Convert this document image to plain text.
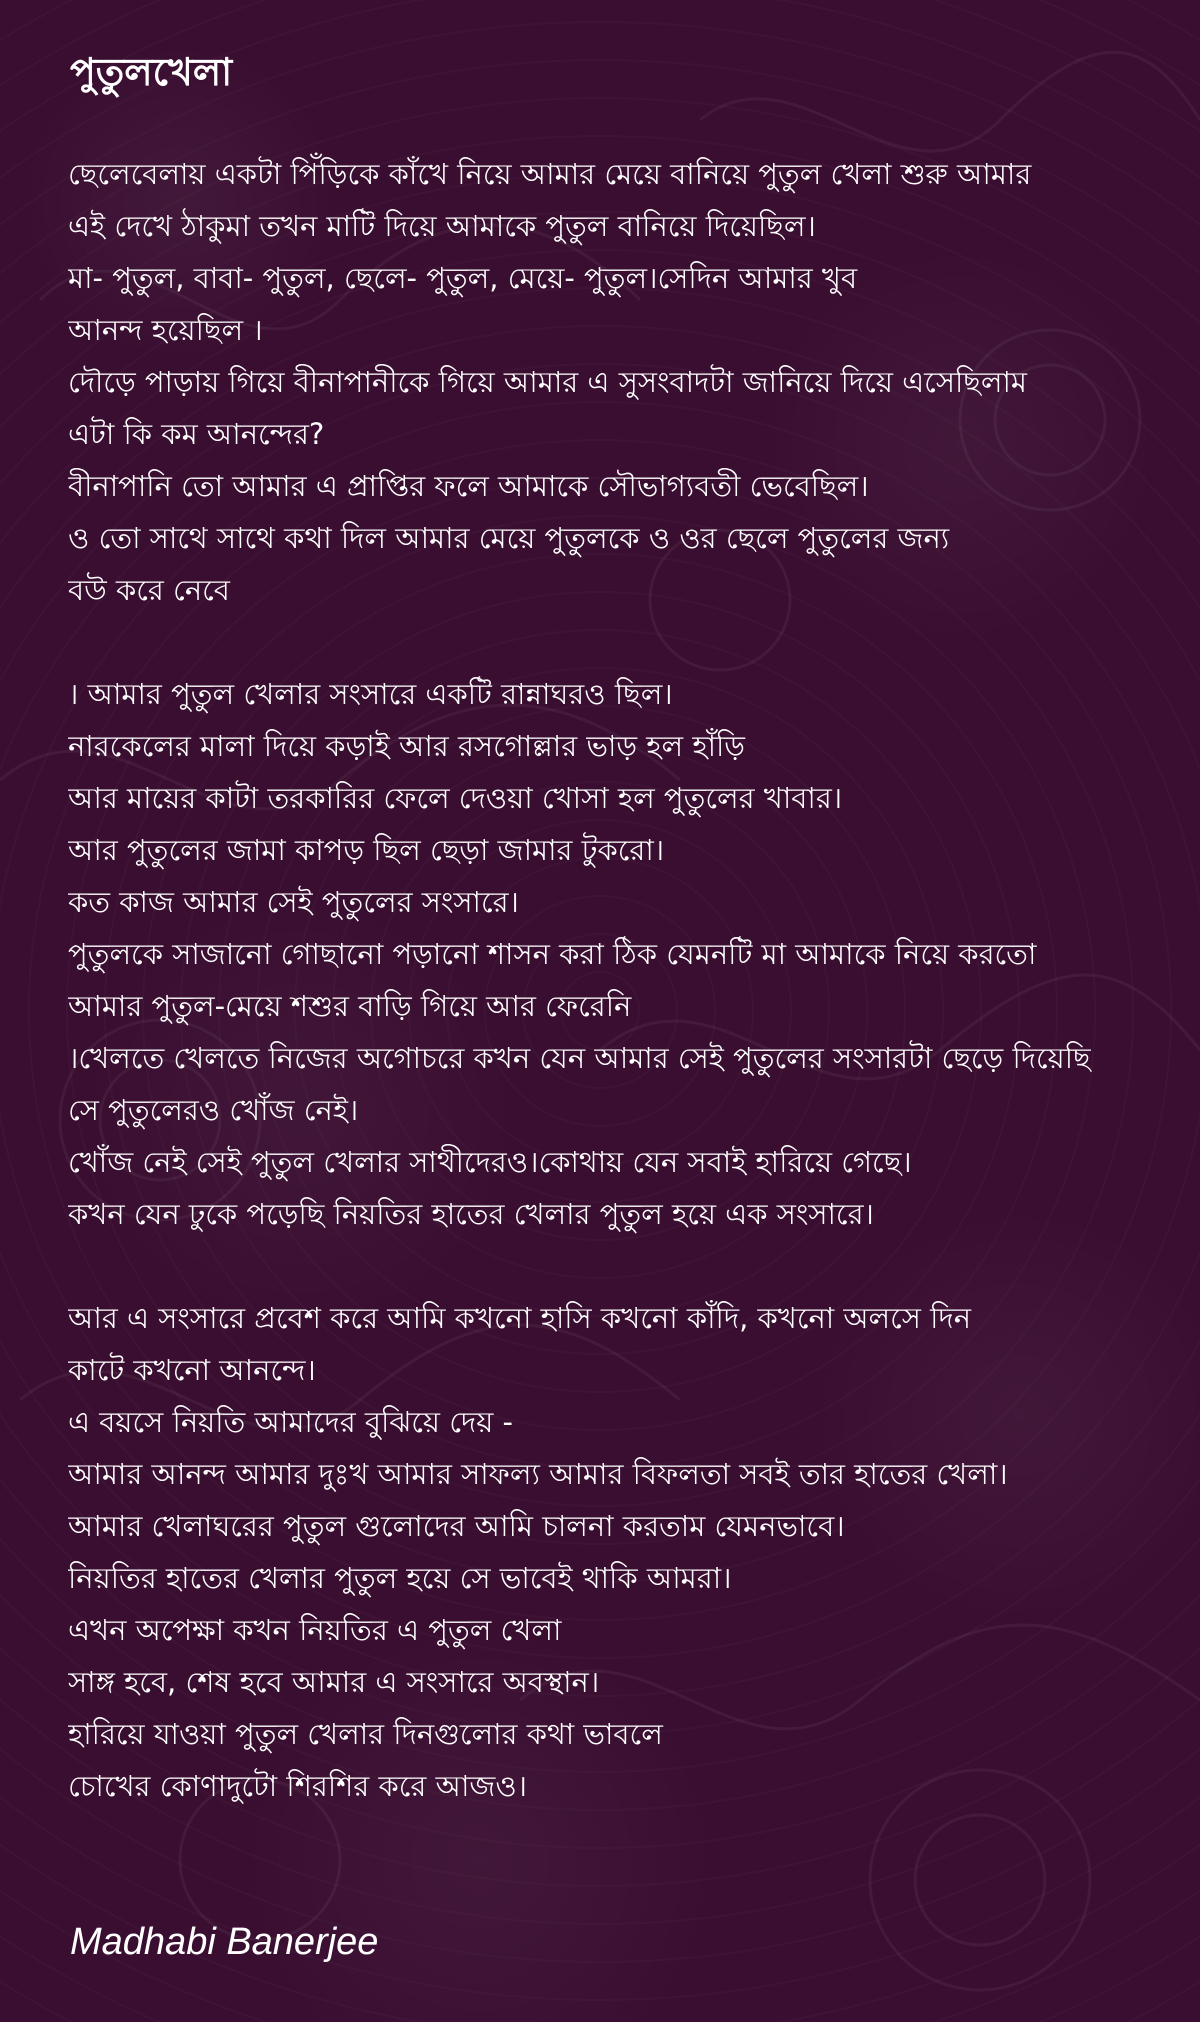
পুতুলখেলা
ছেলেবেলায় একটা পিঁড়িকে কাঁখে নিয়ে আমার মেয়ে বানিয়ে পুতুল খেলা শুরু আমার
এই দেখে ঠাকুমা তখন মাটি দিয়ে আমাকে পুতুল বানিয়ে দিয়েছিল।
মা- পুতুল, বাবা- পুতুল, ছেলে- পুতুল, মেয়ে- পুতুল।সেদিন আমার খুব
আনন্দ হয়েছিল ।
দৌড়ে পাড়ায় গিয়ে বীনাপানীকে গিয়ে আমার এ সুসংবাদটা জানিয়ে দিয়ে এসেছিলাম
এটা কি কম আনন্দের?
বীনাপানি তো আমার এ প্রাপ্তির ফলে আমাকে সৌভাগ্যবতী ভেবেছিল।
ও তো সাথে সাথে কথা দিল আমার মেয়ে পুতুলকে ও ওর ছেলে পুতুলের জন্য
বউ করে নেবে
। আমার পুতুল খেলার সংসারে একটি রান্নাঘরও ছিল।
নারকেলের মালা দিয়ে কড়াই আর রসগোল্লার ভাড় হল হাঁড়ি
আর মায়ের কাটা তরকারির ফেলে দেওয়া খোসা হল পুতুলের খাবার।
আর পুতুলের জামা কাপড় ছিল ছেড়া জামার টুকরো।
কত কাজ আমার সেই পুতুলের সংসারে।
পুতুলকে সাজানো গোছানো পড়ানো শাসন করা ঠিক যেমনটি মা আমাকে নিয়ে করতো
আমার পুতুল-মেয়ে শশুর বাড়ি গিয়ে আর ফেরেনি
।খেলতে খেলতে নিজের অগোচরে কখন যেন আমার সেই পুতুলের সংসারটা ছেড়ে দিয়েছি
সে পুতুলেরও খোঁজ নেই।
খোঁজ নেই সেই পুতুল খেলার সাথীদেরও।কোথায় যেন সবাই হারিয়ে গেছে।
কখন যেন ঢুকে পড়েছি নিয়তির হাতের খেলার পুতুল হয়ে এক সংসারে।
আর এ সংসারে প্রবেশ করে আমি কখনো হাসি কখনো কাঁদি, কখনো অলসে দিন
কাটে কখনো আনন্দে।
এ বয়সে নিয়তি আমাদের বুঝিয়ে দেয় -
আমার আনন্দ আমার দুঃখ আমার সাফল্য আমার বিফলতা সবই তার হাতের খেলা।
আমার খেলাঘরের পুতুল গুলোদের আমি চালনা করতাম যেমনভাবে।
নিয়তির হাতের খেলার পুতুল হয়ে সে ভাবেই থাকি আমরা।
এখন অপেক্ষা কখন নিয়তির এ পুতুল খেলা
সাঙ্গ হবে, শেষ হবে আমার এ সংসারে অবস্থান।
হারিয়ে যাওয়া পুতুল খেলার দিনগুলোর কথা ভাবলে
চোখের কোণাদুটো শিরশির করে আজও।
Madhabi Banerjee
